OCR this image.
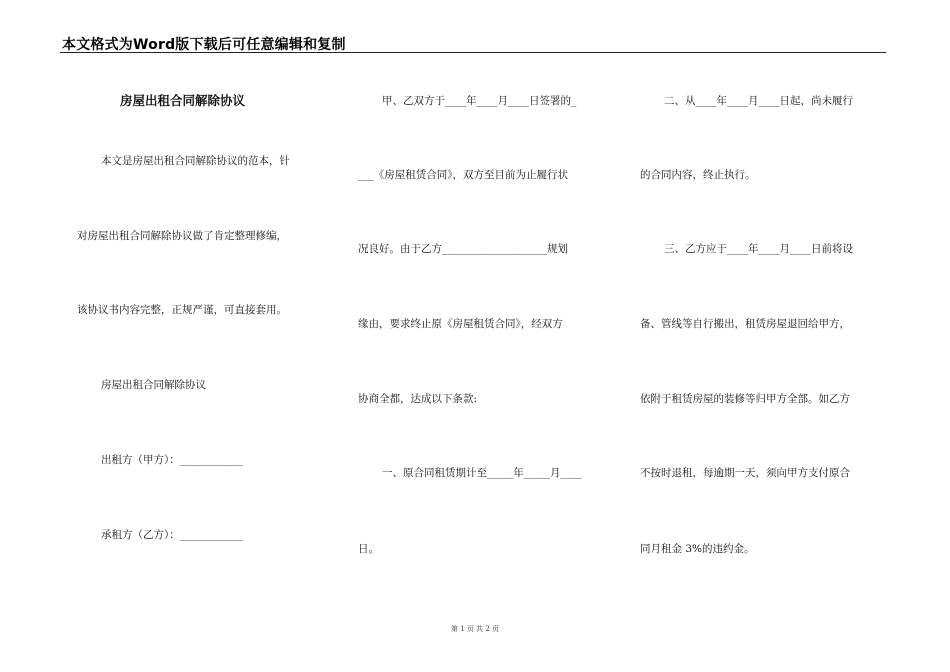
本文格式为Word版下载后可任意编辑和复制
房屋出租合同解除协议
本文是房屋出租合同解除协议的范本，针
对房屋出租合同解除协议做了肯定整理修编，
该协议书内容完整，正规严谨，可直接套用。
房屋出租合同解除协议
出租方（甲方）：____________
承租方（乙方）：____________
甲、乙双方于____年____月____日签署的_
___《房屋租赁合同》，双方至目前为止履行状
况良好。由于乙方____________________规划
缘由，要求终止原《房屋租赁合同》，经双方
协商全都，达成以下条款:
一、原合同租赁期计至_____年_____月____
日。
二、从____年____月____日起，尚未履行
的合同内容，终止执行。
三、乙方应于____年____月____日前将设
备、管线等自行搬出，租赁房屋退回给甲方，
依附于租赁房屋的装修等归甲方全部。如乙方
不按时退租，每逾期一天，须向甲方支付原合
同月租金 3%的违约金。
第 1 页 共 2 页
